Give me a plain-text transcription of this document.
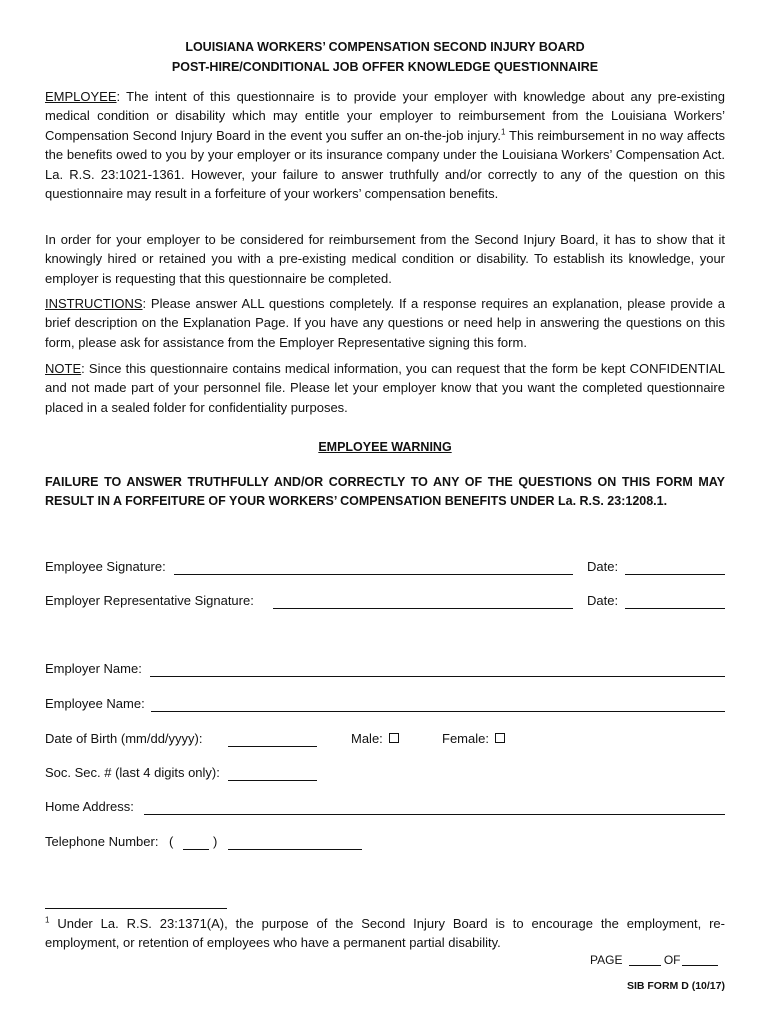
LOUISIANA WORKERS’ COMPENSATION SECOND INJURY BOARD
POST-HIRE/CONDITIONAL JOB OFFER KNOWLEDGE QUESTIONNAIRE

EMPLOYEE: The intent of this questionnaire is to provide your employer with knowledge about any pre-existing medical condition or disability which may entitle your employer to reimbursement from the Louisiana Workers’ Compensation Second Injury Board in the event you suffer an on-the-job injury.$^1$ This reimbursement in no way affects the benefits owed to you by your employer or its insurance company under the Louisiana Workers’ Compensation Act. La. R.S. 23:1021-1361. However, your failure to answer truthfully and/or correctly to any of the question on this questionnaire may result in a forfeiture of your workers’ compensation benefits.

In order for your employer to be considered for reimbursement from the Second Injury Board, it has to show that it knowingly hired or retained you with a pre-existing medical condition or disability. To establish its knowledge, your employer is requesting that this questionnaire be completed.

INSTRUCTIONS: Please answer ALL questions completely. If a response requires an explanation, please provide a brief description on the Explanation Page. If you have any questions or need help in answering the questions on this form, please ask for assistance from the Employer Representative signing this form.

NOTE: Since this questionnaire contains medical information, you can request that the form be kept CONFIDENTIAL and not made part of your personnel file. Please let your employer know that you want the completed questionnaire placed in a sealed folder for confidentiality purposes.

EMPLOYEE WARNING

FAILURE TO ANSWER TRUTHFULLY AND/OR CORRECTLY TO ANY OF THE QUESTIONS ON THIS FORM MAY RESULT IN A FORFEITURE OF YOUR WORKERS’ COMPENSATION BENEFITS UNDER La. R.S. 23:1208.1.

Employee Signature:	Date:
Employer Representative Signature:	Date:
Employer Name:
Employee Name:
Date of Birth (mm/dd/yyyy):	Male:	Female:
Soc. Sec. # (last 4 digits only):
Home Address:
Telephone Number: (	)

$^1$ Under La. R.S. 23:1371(A), the purpose of the Second Injury Board is to encourage the employment, re-employment, or retention of employees who have a permanent partial disability.

PAGE	OF
SIB FORM D (10/17)
